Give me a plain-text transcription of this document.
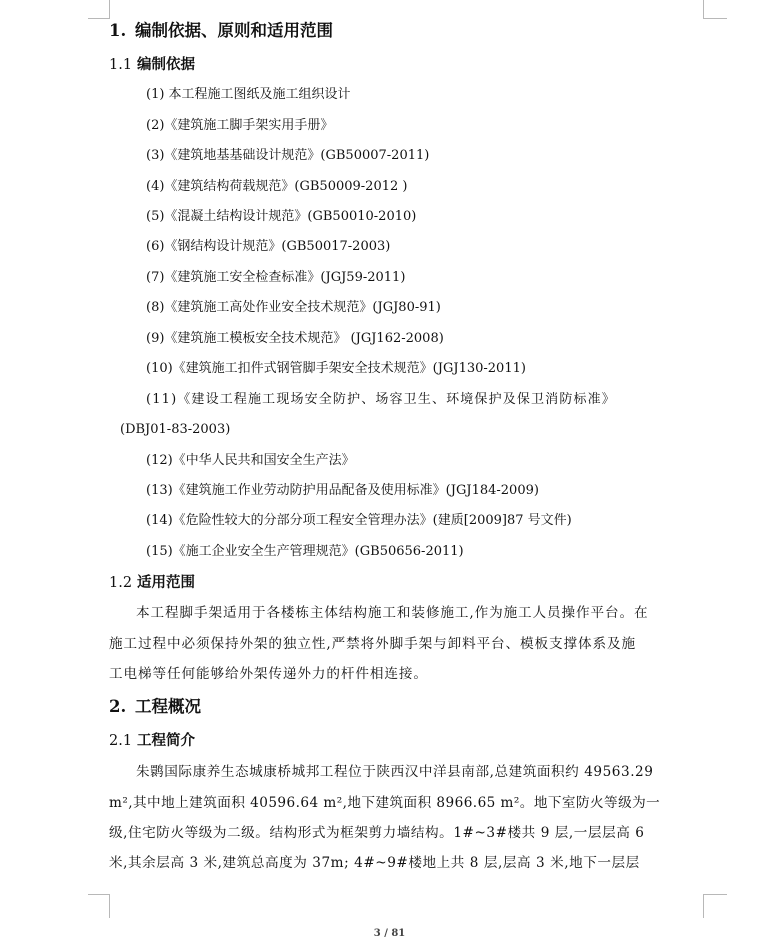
1. 编制依据、原则和适用范围
1.1 编制依据
(1) 本工程施工图纸及施工组织设计
(2)《建筑施工脚手架实用手册》
(3)《建筑地基基础设计规范》(GB50007-2011)
(4)《建筑结构荷载规范》(GB50009-2012 )
(5)《混凝土结构设计规范》(GB50010-2010)
(6)《钢结构设计规范》(GB50017-2003)
(7)《建筑施工安全检查标准》(JGJ59-2011)
(8)《建筑施工高处作业安全技术规范》(JGJ80-91)
(9)《建筑施工模板安全技术规范》 (JGJ162-2008)
(10)《建筑施工扣件式钢管脚手架安全技术规范》(JGJ130-2011)
(11)《建设工程施工现场安全防护、场容卫生、环境保护及保卫消防标准》
(DBJ01-83-2003)
(12)《中华人民共和国安全生产法》
(13)《建筑施工作业劳动防护用品配备及使用标准》(JGJ184-2009)
(14)《危险性较大的分部分项工程安全管理办法》(建质[2009]87 号文件)
(15)《施工企业安全生产管理规范》(GB50656-2011)
1.2 适用范围
本工程脚手架适用于各楼栋主体结构施工和装修施工,作为施工人员操作平台。在
施工过程中必须保持外架的独立性,严禁将外脚手架与卸料平台、模板支撑体系及施
工电梯等任何能够给外架传递外力的杆件相连接。
2. 工程概况
2.1 工程简介
朱鹮国际康养生态城康桥城邦工程位于陕西汉中洋县南部,总建筑面积约 49563.29
m²,其中地上建筑面积 40596.64 m²,地下建筑面积 8966.65 m²。地下室防火等级为一
级,住宅防火等级为二级。结构形式为框架剪力墙结构。1#~3#楼共 9 层,一层层高 6
米,其余层高 3 米,建筑总高度为 37m; 4#~9#楼地上共 8 层,层高 3 米,地下一层层
3 / 81
